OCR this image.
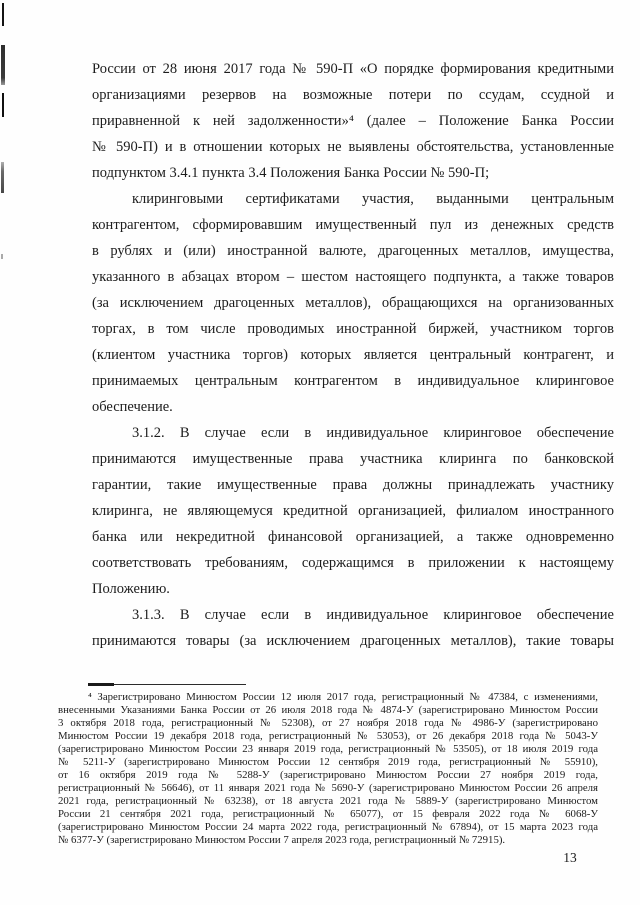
России от 28 июня 2017 года № 590-П «О порядке формирования кредитными
организациями резервов на возможные потери по ссудам, ссудной и
приравненной к ней задолженности»⁴ (далее – Положение Банка России
№ 590-П) и в отношении которых не выявлены обстоятельства, установленные
подпунктом 3.4.1 пункта 3.4 Положения Банка России № 590-П;
клиринговыми сертификатами участия, выданными центральным
контрагентом, сформировавшим имущественный пул из денежных средств
в рублях и (или) иностранной валюте, драгоценных металлов, имущества,
указанного в абзацах втором – шестом настоящего подпункта, а также товаров
(за исключением драгоценных металлов), обращающихся на организованных
торгах, в том числе проводимых иностранной биржей, участником торгов
(клиентом участника торгов) которых является центральный контрагент, и
принимаемых центральным контрагентом в индивидуальное клиринговое
обеспечение.
3.1.2. В случае если в индивидуальное клиринговое обеспечение
принимаются имущественные права участника клиринга по банковской
гарантии, такие имущественные права должны принадлежать участнику
клиринга, не являющемуся кредитной организацией, филиалом иностранного
банка или некредитной финансовой организацией, а также одновременно
соответствовать требованиям, содержащимся в приложении к настоящему
Положению.
3.1.3. В случае если в индивидуальное клиринговое обеспечение
принимаются товары (за исключением драгоценных металлов), такие товары
⁴ Зарегистрировано Минюстом России 12 июля 2017 года, регистрационный № 47384, с изменениями,
внесенными Указаниями Банка России от 26 июля 2018 года № 4874-У (зарегистрировано Минюстом России
3 октября 2018 года, регистрационный № 52308), от 27 ноября 2018 года № 4986-У (зарегистрировано
Минюстом России 19 декабря 2018 года, регистрационный № 53053), от 26 декабря 2018 года № 5043-У
(зарегистрировано Минюстом России 23 января 2019 года, регистрационный № 53505), от 18 июля 2019 года
№ 5211-У (зарегистрировано Минюстом России 12 сентября 2019 года, регистрационный № 55910),
от 16 октября 2019 года № 5288-У (зарегистрировано Минюстом России 27 ноября 2019 года,
регистрационный № 56646), от 11 января 2021 года № 5690-У (зарегистрировано Минюстом России 26 апреля
2021 года, регистрационный № 63238), от 18 августа 2021 года № 5889-У (зарегистрировано Минюстом
России 21 сентября 2021 года, регистрационный № 65077), от 15 февраля 2022 года № 6068-У
(зарегистрировано Минюстом России 24 марта 2022 года, регистрационный № 67894), от 15 марта 2023 года
№ 6377-У (зарегистрировано Минюстом России 7 апреля 2023 года, регистрационный № 72915).
13
